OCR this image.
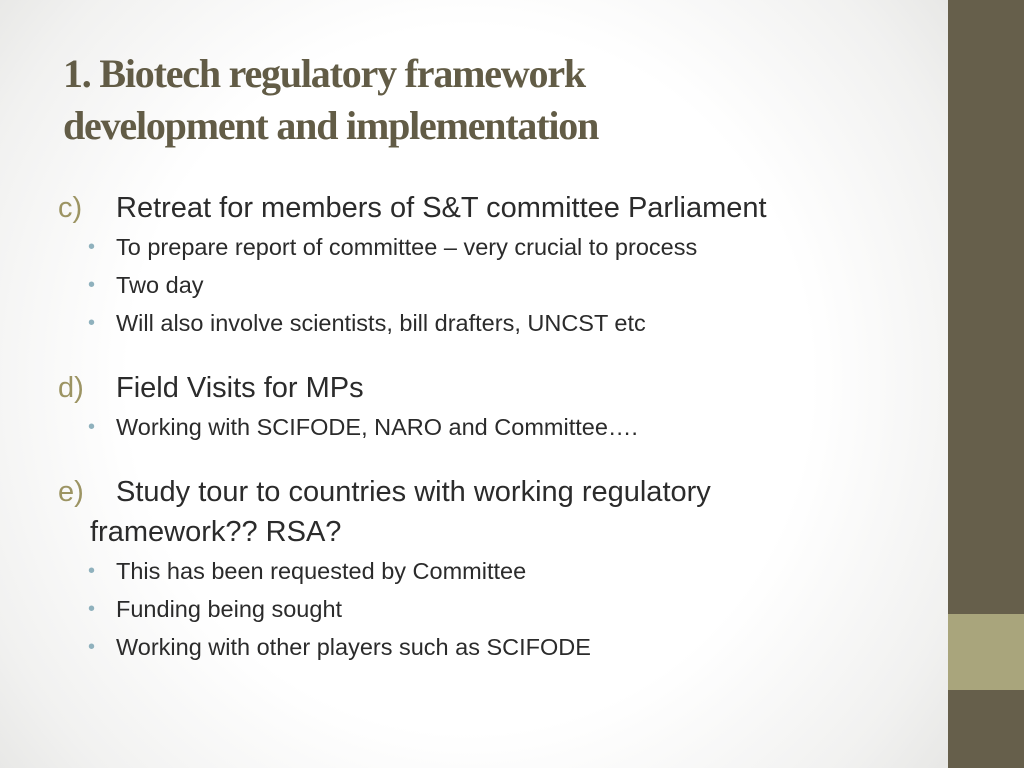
1. Biotech regulatory framework
development and implementation

c) Retreat for members of S&T committee Parliament

• To prepare report of committee – very crucial to process
• Two day
• Will also involve scientists, bill drafters, UNCST etc

d) Field Visits for MPs

• Working with SCIFODE, NARO and Committee….

e) Study tour to countries with working regulatory
framework?? RSA?

• This has been requested by Committee
• Funding being sought
• Working with other players such as SCIFODE
